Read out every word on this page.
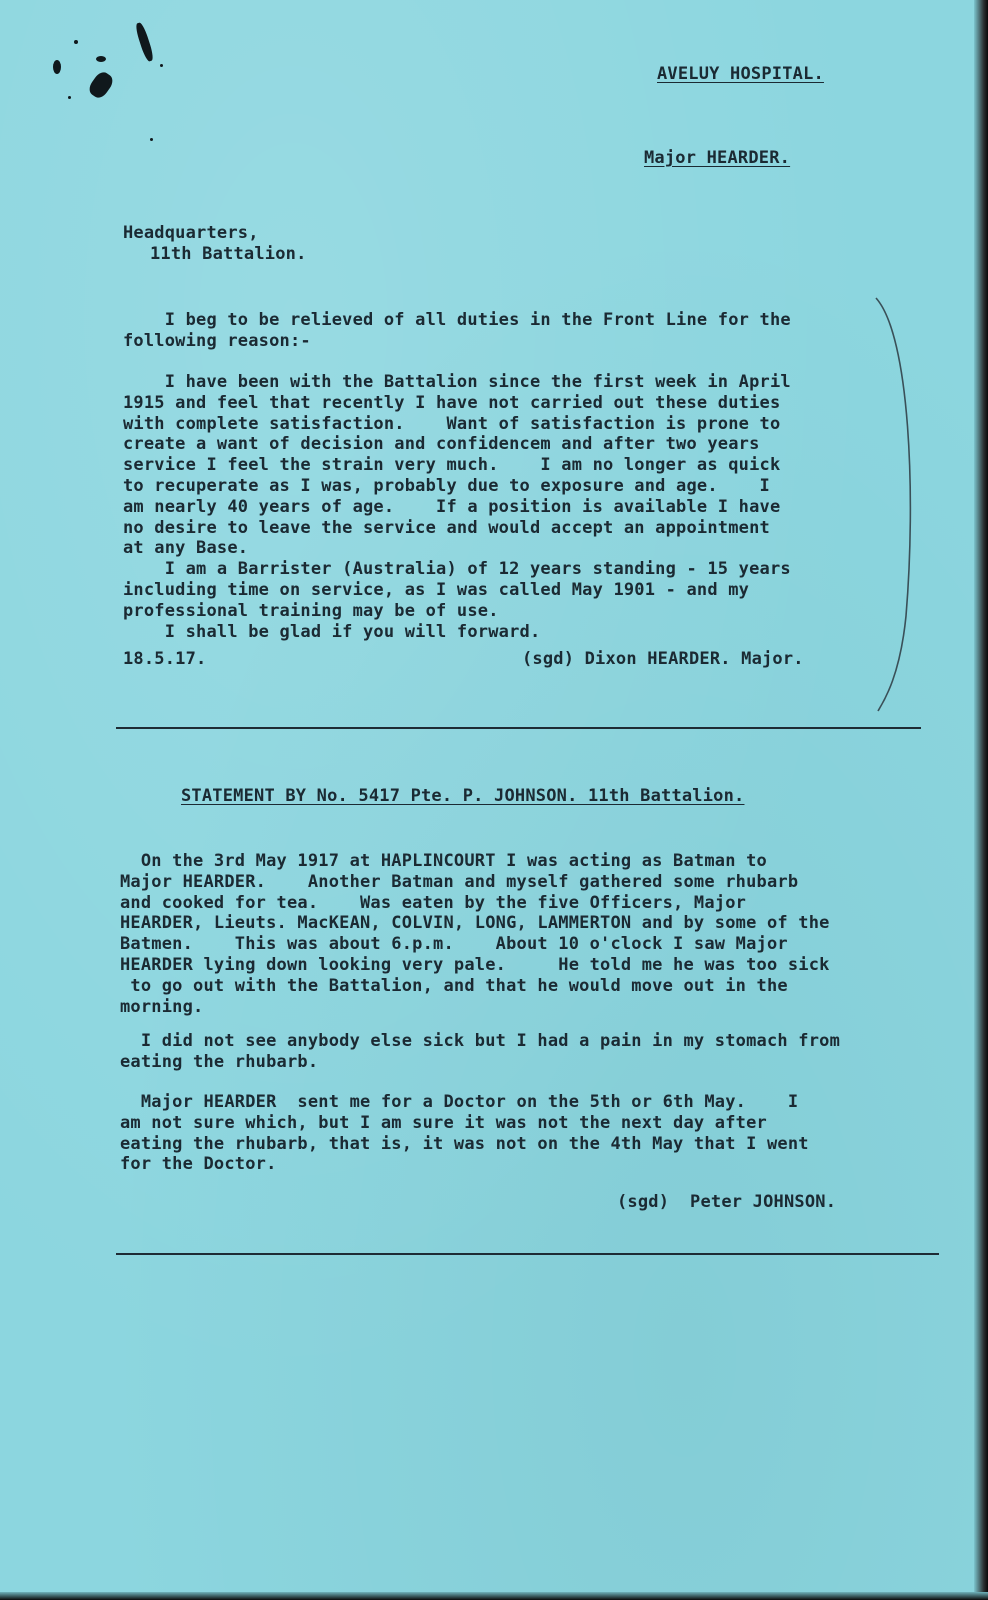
AVELUY HOSPITAL.

Major HEARDER.

Headquarters,

11th Battalion.

I beg to be relieved of all duties in the Front Line for the
following reason:-

I have been with the Battalion since the first week in April
1915 and feel that recently I have not carried out these duties
with complete satisfaction.    Want of satisfaction is prone to
create a want of decision and confidencem and after two years
service I feel the strain very much.    I am no longer as quick
to recuperate as I was, probably due to exposure and age.    I
am nearly 40 years of age.    If a position is available I have
no desire to leave the service and would accept an appointment
at any Base.
I am a Barrister (Australia) of 12 years standing - 15 years
including time on service, as I was called May 1901 - and my
professional training may be of use.
I shall be glad if you will forward.

18.5.17.	(sgd) Dixon HEARDER. Major.

STATEMENT BY No. 5417 Pte. P. JOHNSON. 11th Battalion.

On the 3rd May 1917 at HAPLINCOURT I was acting as Batman to
Major HEARDER.    Another Batman and myself gathered some rhubarb
and cooked for tea.    Was eaten by the five Officers, Major
HEARDER, Lieuts. MacKEAN, COLVIN, LONG, LAMMERTON and by some of the
Batmen.    This was about 6.p.m.    About 10 o'clock I saw Major
HEARDER lying down looking very pale.     He told me he was too sick
to go out with the Battalion, and that he would move out in the
morning.

I did not see anybody else sick but I had a pain in my stomach from
eating the rhubarb.

Major HEARDER  sent me for a Doctor on the 5th or 6th May.    I
am not sure which, but I am sure it was not the next day after
eating the rhubarb, that is, it was not on the 4th May that I went
for the Doctor.

(sgd)  Peter JOHNSON.
